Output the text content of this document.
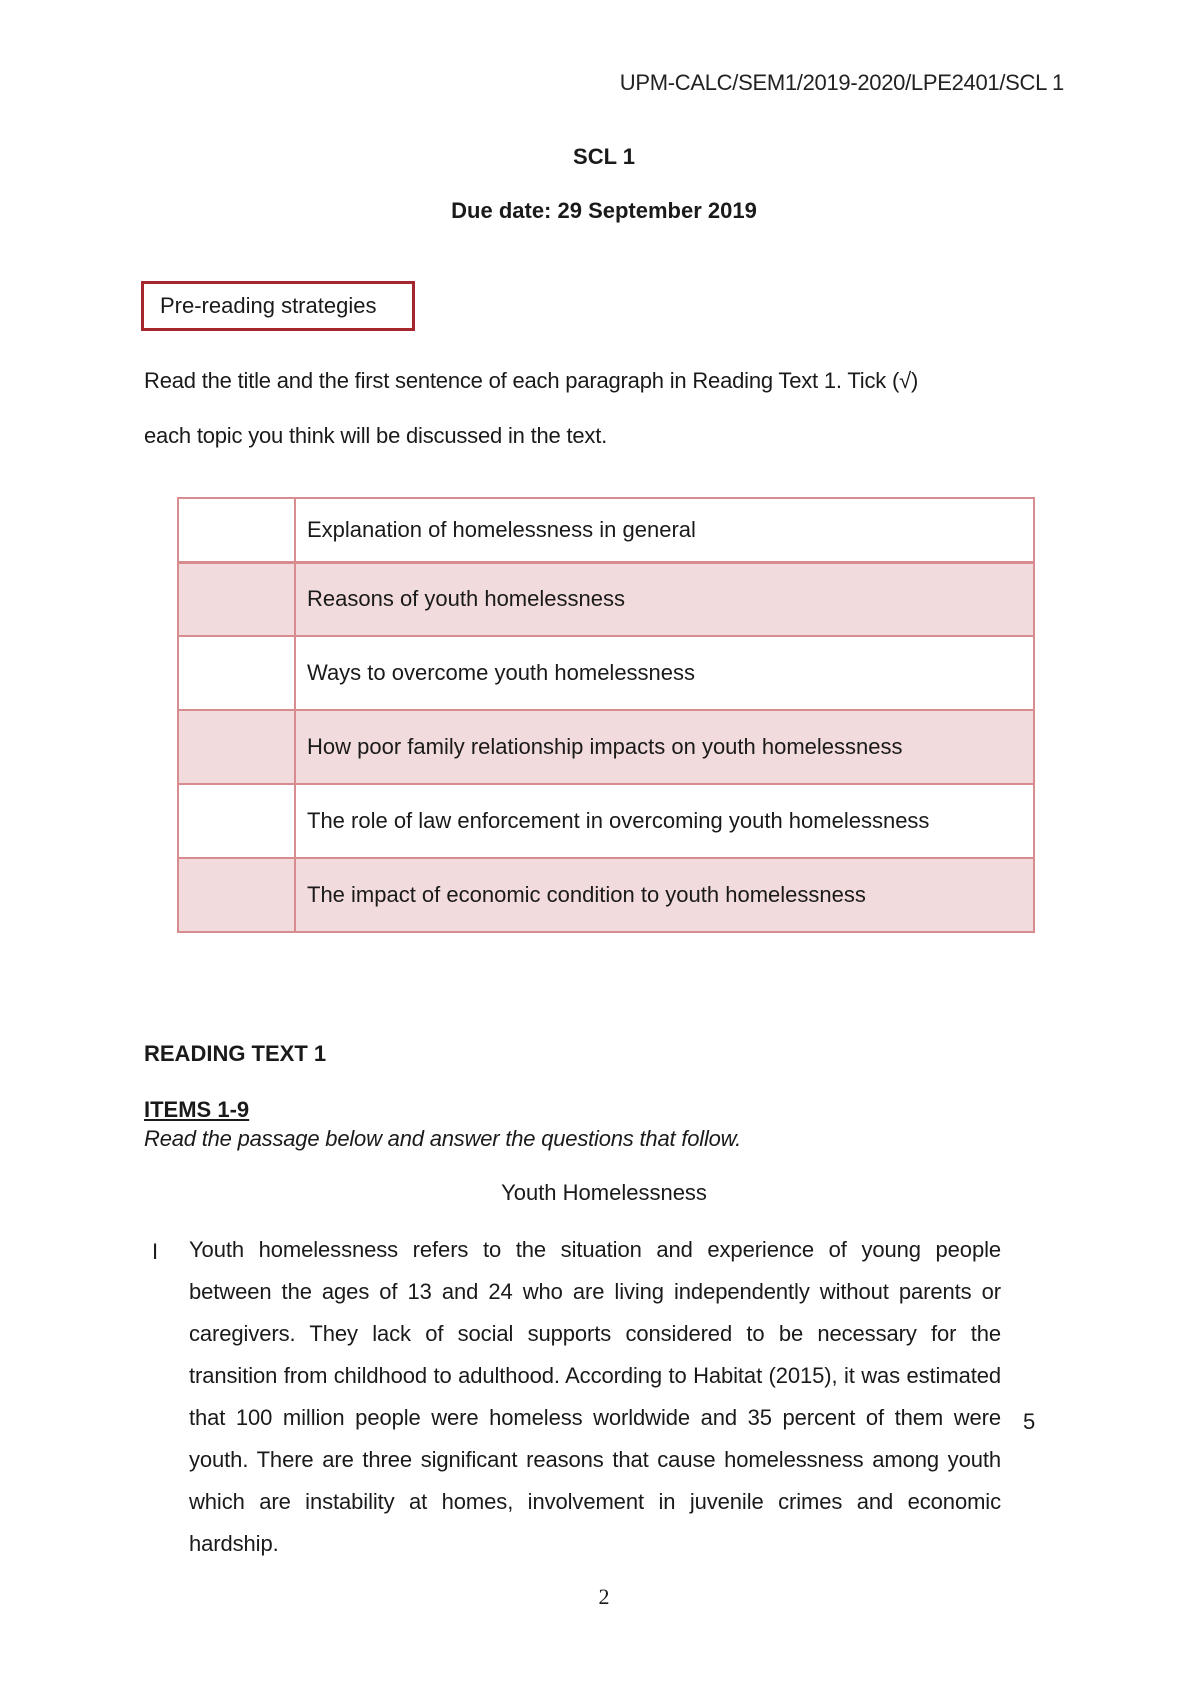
UPM-CALC/SEM1/2019-2020/LPE2401/SCL 1
SCL 1
Due date: 29 September 2019
Pre-reading strategies
Read the title and the first sentence of each paragraph in Reading Text 1. Tick (√)
each topic you think will be discussed in the text.
	Explanation of homelessness in general
	Reasons of youth homelessness
	Ways to overcome youth homelessness
	How poor family relationship impacts on youth homelessness
	The role of law enforcement in overcoming youth homelessness
	The impact of economic condition to youth homelessness
READING TEXT 1
ITEMS 1-9
Read the passage below and answer the questions that follow.
Youth Homelessness
I Youth homelessness refers to the situation and experience of young people between the ages of 13 and 24 who are living independently without parents or caregivers. They lack of social supports considered to be necessary for the transition from childhood to adulthood. According to Habitat (2015), it was estimated that 100 million people were homeless worldwide and 35 percent of them were youth. There are three significant reasons that cause homelessness among youth which are instability at homes, involvement in juvenile crimes and economic hardship.
5
2
